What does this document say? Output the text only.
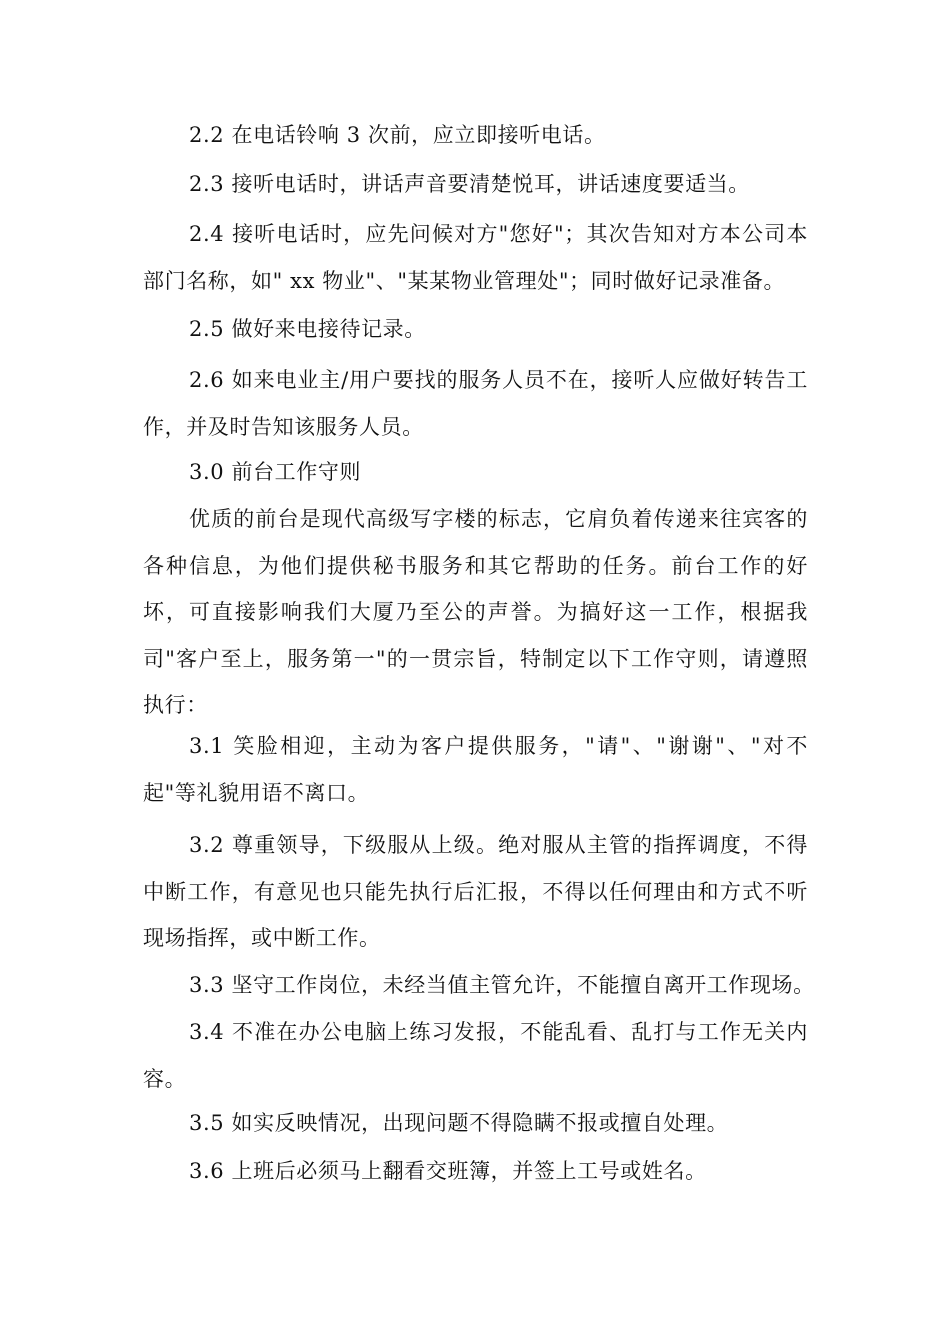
2.2 在电话铃响 3 次前，应立即接听电话。

2.3 接听电话时，讲话声音要清楚悦耳，讲话速度要适当。

2.4 接听电话时，应先问候对方"您好"；其次告知对方本公司本部门名称，如" xx 物业"、"某某物业管理处"；同时做好记录准备。

2.5 做好来电接待记录。

2.6 如来电业主/用户要找的服务人员不在，接听人应做好转告工作，并及时告知该服务人员。

3.0 前台工作守则

优质的前台是现代高级写字楼的标志，它肩负着传递来往宾客的各种信息，为他们提供秘书服务和其它帮助的任务。前台工作的好坏，可直接影响我们大厦乃至公的声誉。为搞好这一工作，根据我司"客户至上，服务第一"的一贯宗旨，特制定以下工作守则，请遵照执行：

3.1 笑脸相迎，主动为客户提供服务，"请"、"谢谢"、"对不起"等礼貌用语不离口。

3.2 尊重领导，下级服从上级。绝对服从主管的指挥调度，不得中断工作，有意见也只能先执行后汇报，不得以任何理由和方式不听现场指挥，或中断工作。

3.3 坚守工作岗位，未经当值主管允许，不能擅自离开工作现场。

3.4 不准在办公电脑上练习发报，不能乱看、乱打与工作无关内容。

3.5 如实反映情况，出现问题不得隐瞒不报或擅自处理。

3.6 上班后必须马上翻看交班簿，并签上工号或姓名。
